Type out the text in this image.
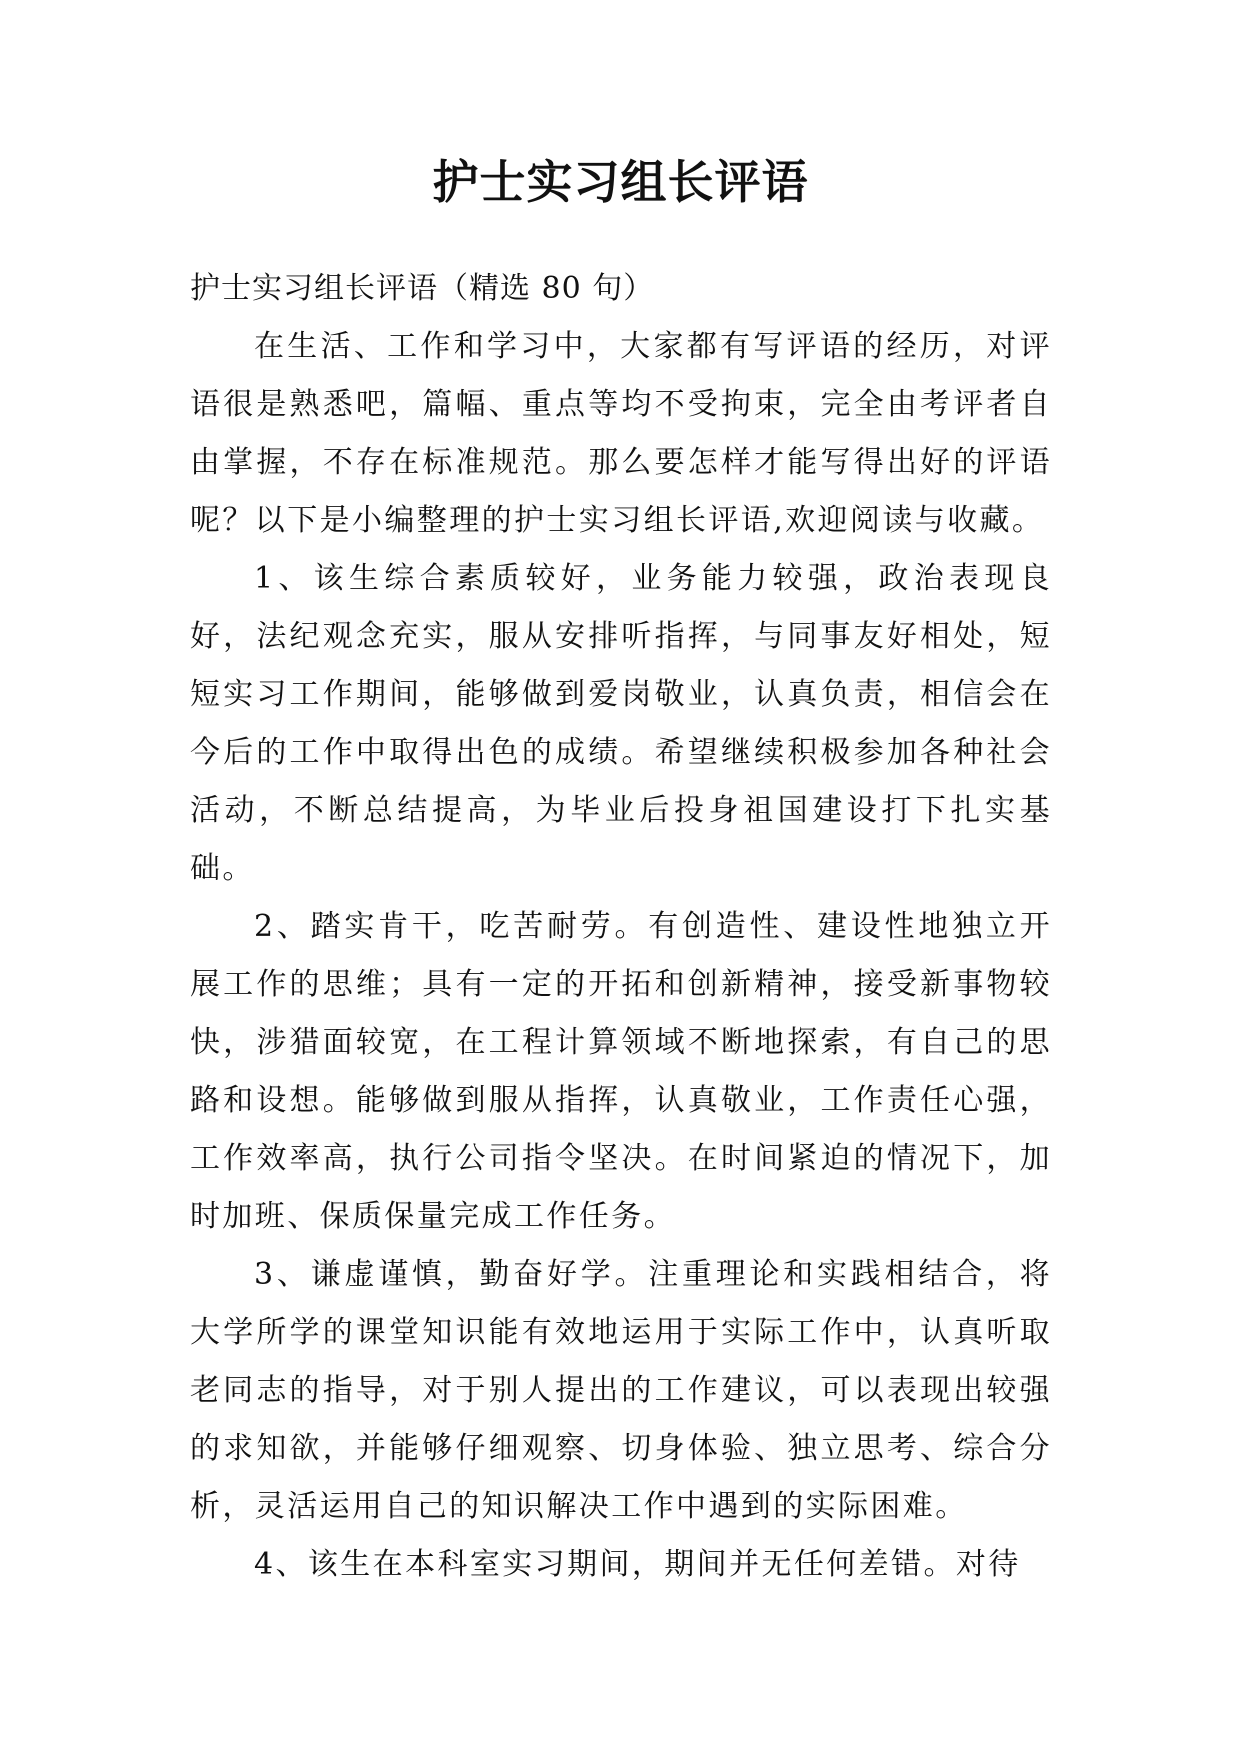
护士实习组长评语

护士实习组长评语（精选 80 句）

在生活、工作和学习中，大家都有写评语的经历，对评语很是熟悉吧，篇幅、重点等均不受拘束，完全由考评者自由掌握，不存在标准规范。那么要怎样才能写得出好的评语呢？以下是小编整理的护士实习组长评语,欢迎阅读与收藏。

1、该生综合素质较好，业务能力较强，政治表现良好，法纪观念充实，服从安排听指挥，与同事友好相处，短短实习工作期间，能够做到爱岗敬业，认真负责，相信会在今后的工作中取得出色的成绩。希望继续积极参加各种社会活动，不断总结提高，为毕业后投身祖国建设打下扎实基础。

2、踏实肯干，吃苦耐劳。有创造性、建设性地独立开展工作的思维；具有一定的开拓和创新精神，接受新事物较快，涉猎面较宽，在工程计算领域不断地探索，有自己的思路和设想。能够做到服从指挥，认真敬业，工作责任心强，工作效率高，执行公司指令坚决。在时间紧迫的情况下，加时加班、保质保量完成工作任务。

3、谦虚谨慎，勤奋好学。注重理论和实践相结合，将大学所学的课堂知识能有效地运用于实际工作中，认真听取老同志的指导，对于别人提出的工作建议，可以表现出较强的求知欲，并能够仔细观察、切身体验、独立思考、综合分析，灵活运用自己的知识解决工作中遇到的实际困难。

4、该生在本科室实习期间，期间并无任何差错。对待
